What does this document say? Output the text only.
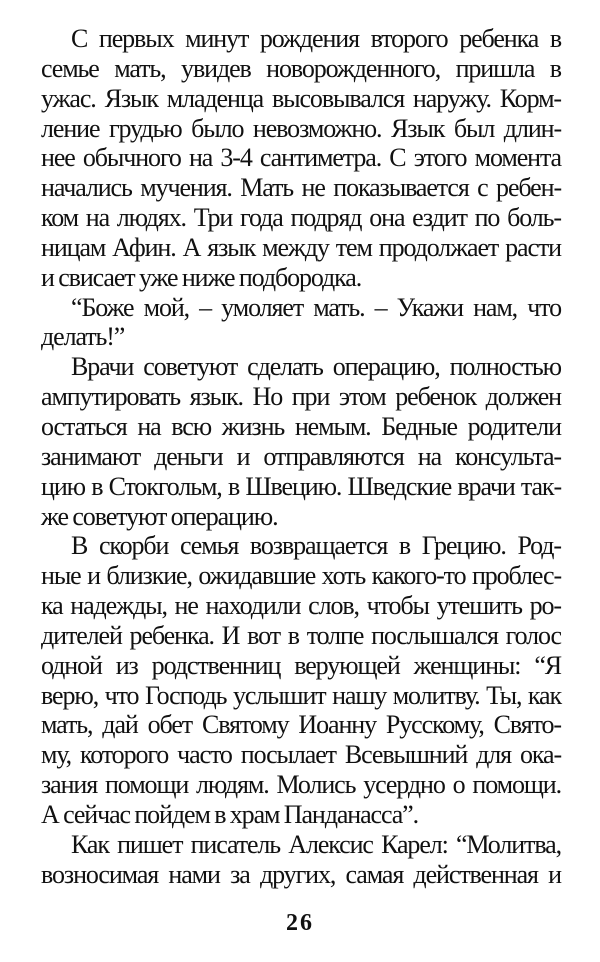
С первых минут рождения второго ребенка в
семье мать, увидев новорожденного, пришла в
ужас. Язык младенца высовывался наружу. Корм-
ление грудью было невозможно. Язык был длин-
нее обычного на 3-4 сантиметра. С этого момента
начались мучения. Мать не показывается с ребен-
ком на людях. Три года подряд она ездит по боль-
ницам Афин. А язык между тем продолжает расти
и свисает уже ниже подбородка.
“Боже мой, – умоляет мать. – Укажи нам, что
делать!”
Врачи советуют сделать операцию, полностью
ампутировать язык. Но при этом ребенок должен
остаться на всю жизнь немым. Бедные родители
занимают деньги и отправляются на консульта-
цию в Стокгольм, в Швецию. Шведские врачи так-
же советуют операцию.
В скорби семья возвращается в Грецию. Род-
ные и близкие, ожидавшие хоть какого-то проблес-
ка надежды, не находили слов, чтобы утешить ро-
дителей ребенка. И вот в толпе послышался голос
одной из родственниц верующей женщины: “Я
верю, что Господь услышит нашу молитву. Ты, как
мать, дай обет Святому Иоанну Русскому, Свято-
му, которого часто посылает Всевышний для ока-
зания помощи людям. Молись усердно о помощи.
А сейчас пойдем в храм Панданасса”.
Как пишет писатель Алексис Карел: “Молитва,
возносимая нами за других, самая действенная и
26
